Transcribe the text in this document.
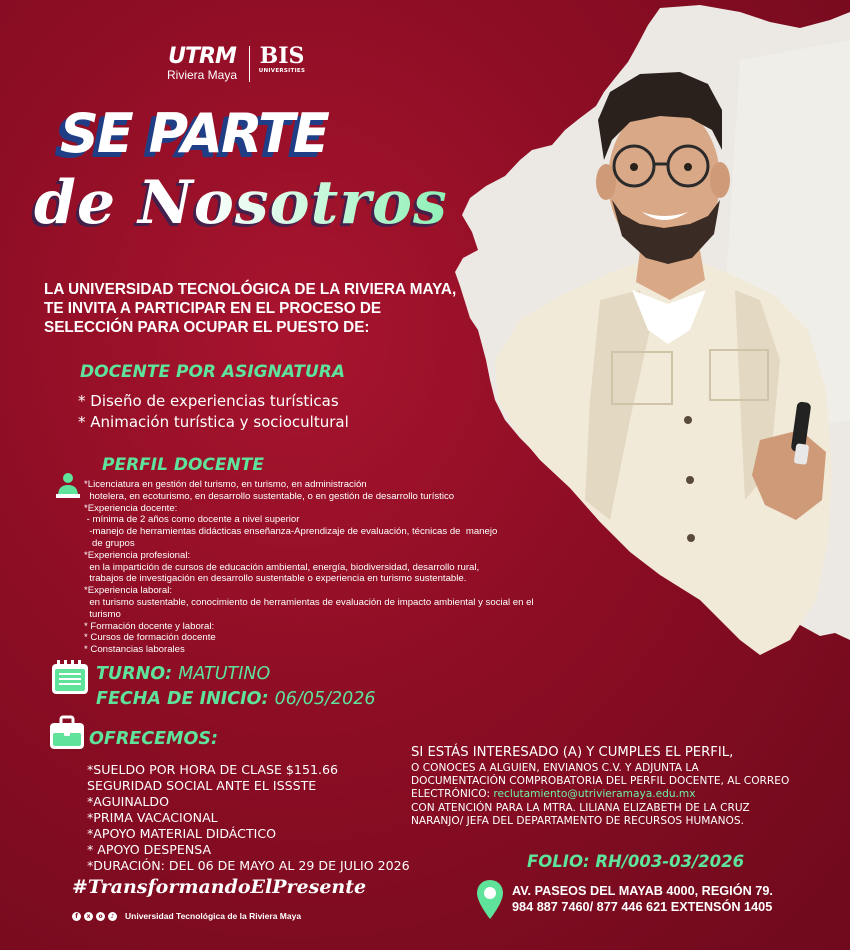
UTRM
Riviera Maya
BIS
UNIVERSITIES
SE PARTE
de Nosotros
LA UNIVERSIDAD TECNOLÓGICA DE LA RIVIERA MAYA, TE INVITA A PARTICIPAR EN EL PROCESO DE SELECCIÓN PARA OCUPAR EL PUESTO DE:
DOCENTE POR ASIGNATURA
* Diseño de experiencias turísticas
* Animación turística y sociocultural
PERFIL DOCENTE
*Licenciatura en gestión del turismo, en turismo, en administración
hotelera, en ecoturismo, en desarrollo sustentable, o en gestión de desarrollo turístico
*Experiencia docente:
- mínima de 2 años como docente a nivel superior
-manejo de herramientas didácticas enseñanza-Aprendizaje de evaluación, técnicas de  manejo
de grupos
*Experiencia profesional:
en la impartición de cursos de educación ambiental, energía, biodiversidad, desarrollo rural,
trabajos de investigación en desarrollo sustentable o experiencia en turismo sustentable.
*Experiencia laboral:
en turismo sustentable, conocimiento de herramientas de evaluación de impacto ambiental y social en el
turismo
* Formación docente y laboral:
* Cursos de formación docente
* Constancias laborales
TURNO: MATUTINO
FECHA DE INICIO: 06/05/2026
OFRECEMOS:
*SUELDO POR HORA DE CLASE $151.66
SEGURIDAD SOCIAL ANTE EL ISSSTE
*AGUINALDO
*PRIMA VACACIONAL
*APOYO MATERIAL DIDÁCTICO
* APOYO DESPENSA
*DURACIÓN: DEL 06 DE MAYO AL 29 DE JULIO 2026
SI ESTÁS INTERESADO (A) Y CUMPLES EL PERFIL,
O CONOCES A ALGUIEN, ENVIANOS C.V. Y ADJUNTA LA
DOCUMENTACIÓN COMPROBATORIA DEL PERFIL DOCENTE, AL CORREO
ELECTRÓNICO: reclutamiento@utrivieramaya.edu.mx
CON ATENCIÓN PARA LA MTRA. LILIANA ELIZABETH DE LA CRUZ
NARANJO/ JEFA DEL DEPARTAMENTO DE RECURSOS HUMANOS.
FOLIO: RH/003-03/2026
#TransformandoElPresente
f	x	o	♪	Universidad Tecnológica de la Riviera Maya
AV. PASEOS DEL MAYAB 4000, REGIÓN 79.
984 887 7460/ 877 446 621 EXTENSÓN 1405
